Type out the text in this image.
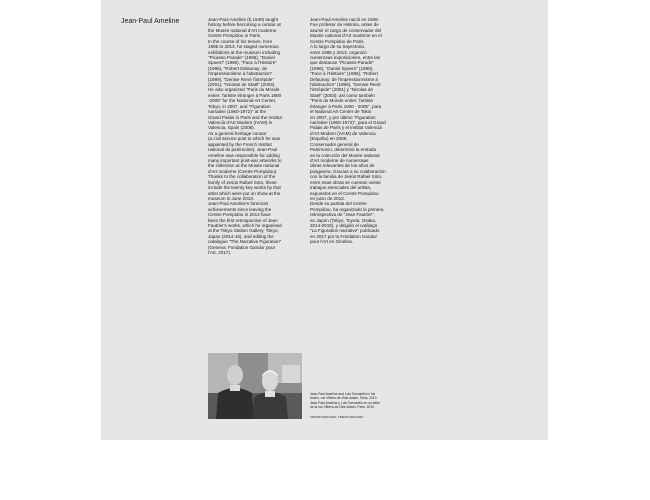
Jean-Paul Ameline	Jean-Paul Ameline (b.1948) taught
history before becoming a curator at
the Musée national d'Art moderne,
Centre Pompidou in Paris.
In the course of his tenure, from
1985 to 2013, he staged numerous
exhibitions at the museum including
"Picasso-Parade" (1986), "Daniel
Spoerri" (1990), "Face à l'Histoire"
(1996), "Robert Delaunay: de
l'impressionisme à l'abstraction"
(1999), "Denise René l'intrépide"
(2001), "Nicolas de Staël" (2003).
He also organized "Paris du Monde
entier: l'artiste étranger à Paris 1900
-2005" for the National Art Center,
Tokyo, in 2007, and "Figuration
narrative (1960-1972)" at the
Grand Palais in Paris and the Institut
Valencià d'Art Modern (IVAM) in
Valencia, Spain (2008).
As a general heritage curator
(a civil service post to which he was
appointed by the French Institut
national du patrimoine), Jean-Paul
Ameline was responsible for adding
many important post-war artworks to
the collection at the Musée national
d'Art moderne (Centre Pompidou).
Thanks to the collaboration of the
family of Jesús Rafael Soto, these
include the twenty key works by that
artist which were put on show at the
museum in June 2013.
Jean-Paul Ameline's foremost
achievements since leaving the
Centre Pompidou in 2013 have
been the first retrospective of Jean
Fautrier's works, which he organised
at the Tokyo Station Gallery, Tokyo,
Japan (2014-15), and editing the
catalogue "The Narrative Figuration"
(Geneva: Fondation Gandur pour
l'Art, 2017).
Jean-Paul Ameline nació en 1948.
Fue profesor de Historia, antes de
asumir el cargo de conservador del
Musée national d'Art moderne en el
Centre Pompidou de Paris.
A lo largo de su trayectoria,
entre 1985 y 2013, organizó
numerosas exposiciones, entre las
que destacan "Picasso-Parade"
(1986), "Daniel Spoerri" (1990),
"Face à l'Histoire" (1996), "Robert
Delaunay: de l'impressionnisme à
l'abstraction" (1999), "Denise René
l'intrépide" (2001) y "Nicolas de
Staël" (2003); así como también
"Paris du Monde entier: l'artiste
étranger à Paris 1900 - 2005", para
el National Art Center de Tokio
en 2007, y por último "Figuration
narrative (1960-1972)", para el Grand
Palais de París y el Institut Valencià
d'Art Modern (IVAM) de Valencia
(España) en 2008.
Conservador general de
Patrimonio, determinó la entrada
en la colección del Musée national
d'Art moderne de numerosas
obras relevantes de los años de
posguerra. Gracias a su colaboración
con la familia de Jesús Rafael Soto,
entre esas obras se cuentan veinte
trabajos esenciales del artista,
expuestos en el Centre Pompidou
en junio de 2013.
Desde su partida del Centre
Pompidou, ha organizado la primera
retrospectiva de "Jean Fautrier",
en Japón (Tokyo, Toyota, Osaka,
2014-2015), y dirigido el catálogo
"La Figuration narrative" publicado
en 2017 por la Fondation Gandur
pour l'Art en Ginebra.
Jean-Paul Ameline and Luis Tomasello in his
studio, rue Villiers-de-l'Isle-Adam, Paris, 2010
Jean-Paul Ameline y Luis Tomasello en su taller
de la rue Villiers-de-l'Isle-Adam, Paris, 2010
©MORIN MASCARO, VIDEOS MASCARO
